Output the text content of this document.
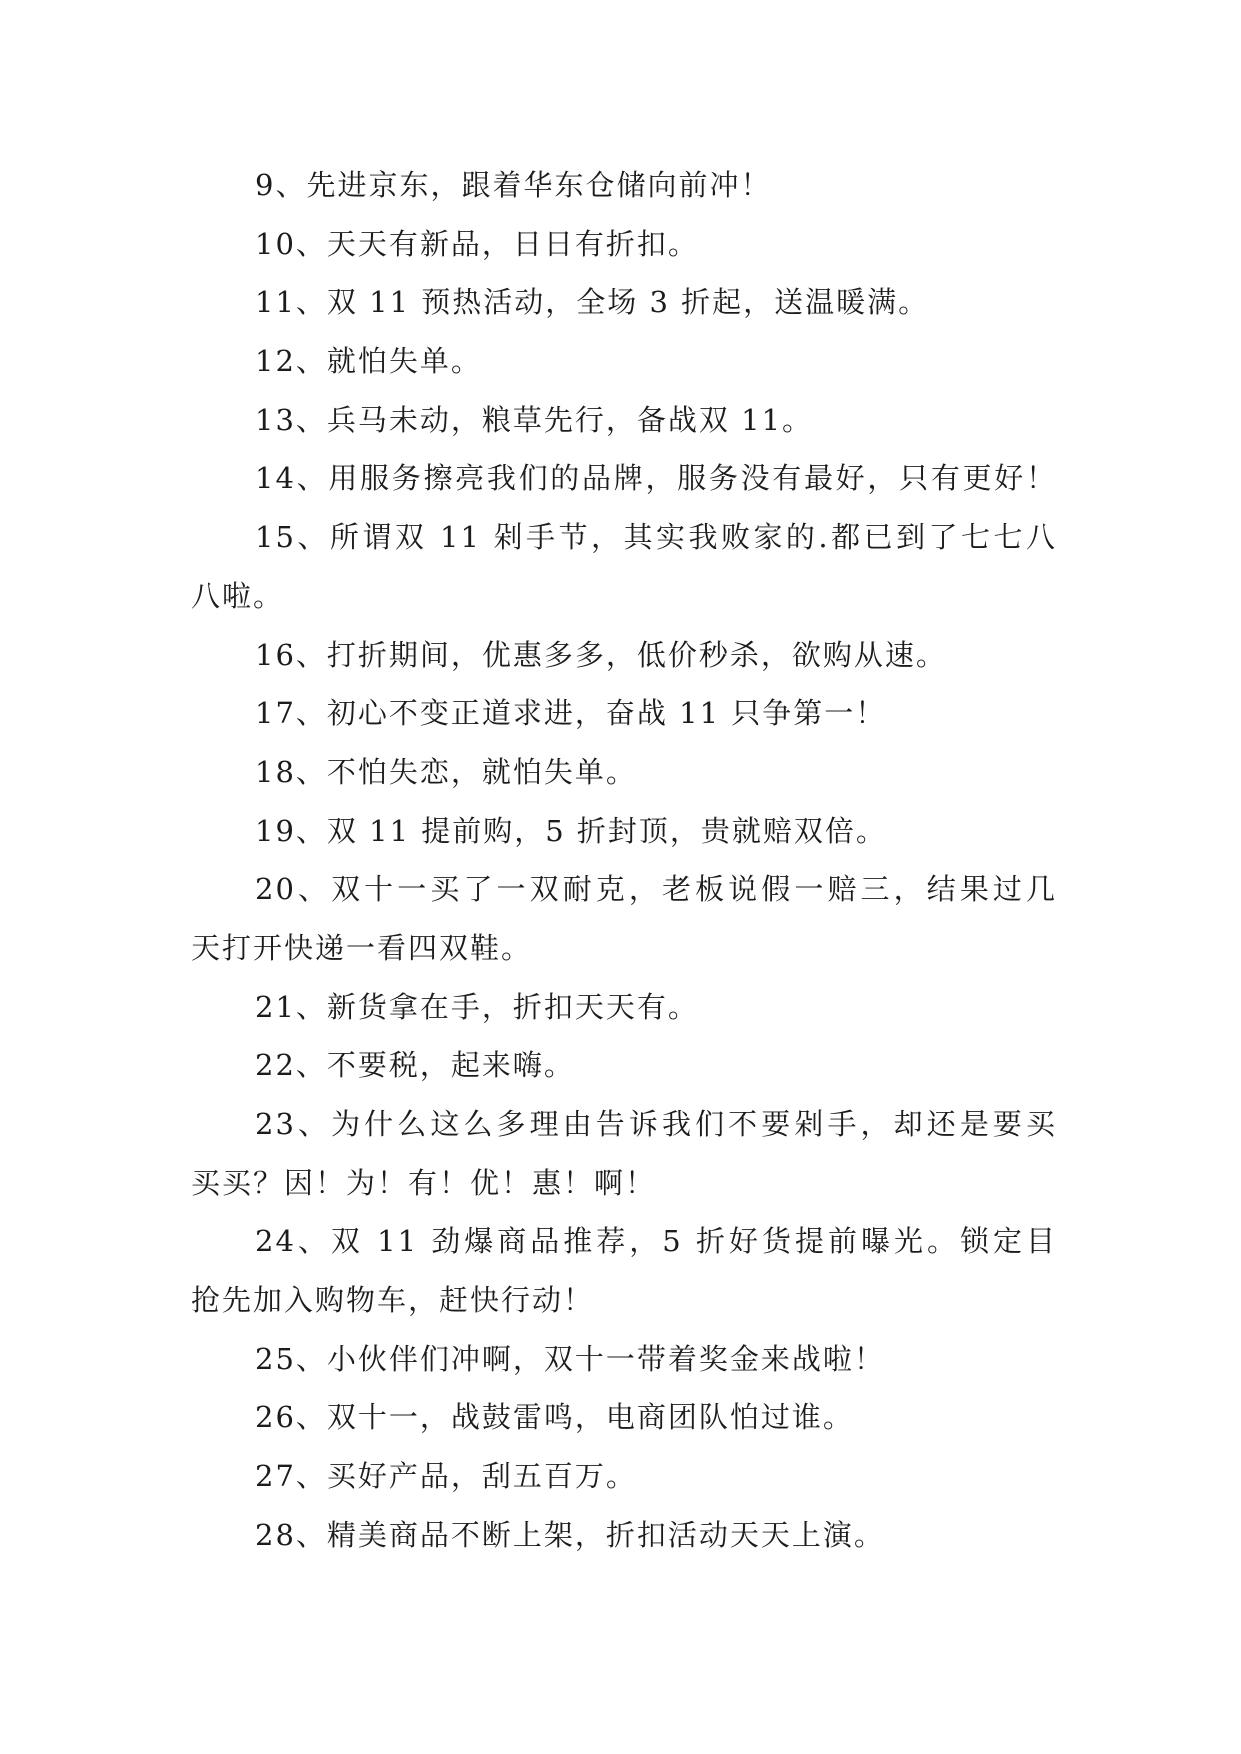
9、先进京东，跟着华东仓储向前冲！
10、天天有新品，日日有折扣。
11、双 11 预热活动，全场 3 折起，送温暖满。
12、就怕失单。
13、兵马未动，粮草先行，备战双 11。
14、用服务擦亮我们的品牌，服务没有最好，只有更好！
15、所谓双 11 剁手节，其实我败家的.都已到了七七八
八啦。
16、打折期间，优惠多多，低价秒杀，欲购从速。
17、初心不变正道求进，奋战 11 只争第一！
18、不怕失恋，就怕失单。
19、双 11 提前购，5 折封顶，贵就赔双倍。
20、双十一买了一双耐克，老板说假一赔三，结果过几
天打开快递一看四双鞋。
21、新货拿在手，折扣天天有。
22、不要税，起来嗨。
23、为什么这么多理由告诉我们不要剁手，却还是要买
买买？因！为！有！优！惠！啊！
24、双 11 劲爆商品推荐，5 折好货提前曝光。锁定目
抢先加入购物车，赶快行动！
25、小伙伴们冲啊，双十一带着奖金来战啦！
26、双十一，战鼓雷鸣，电商团队怕过谁。
27、买好产品，刮五百万。
28、精美商品不断上架，折扣活动天天上演。
